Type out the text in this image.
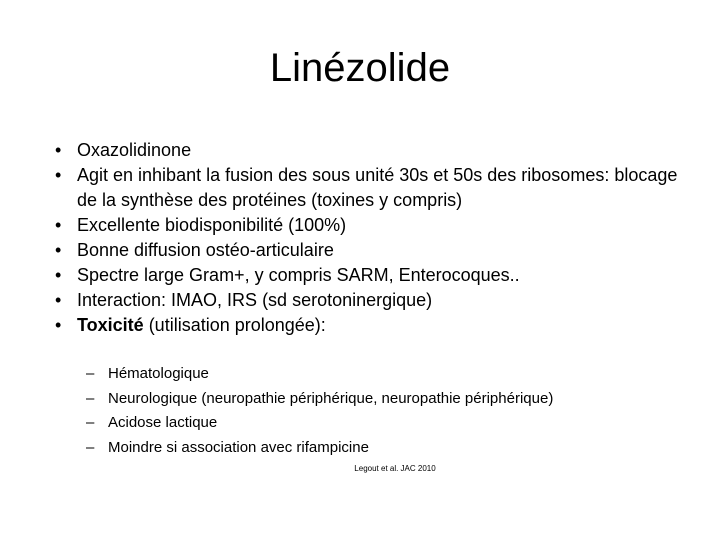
Linézolide
• Oxazolidinone
• Agit en inhibant la fusion des sous unité 30s et 50s des ribosomes: blocage de la synthèse des protéines (toxines y compris)
• Excellente biodisponibilité (100%)
• Bonne diffusion ostéo-articulaire
• Spectre large Gram+, y compris SARM, Enterocoques..
• Interaction: IMAO, IRS (sd serotoninergique)
• Toxicité (utilisation prolongée):
– Hématologique
– Neurologique (neuropathie périphérique, neuropathie périphérique)
– Acidose lactique
– Moindre si association avec rifampicine
Legout et al. JAC 2010
